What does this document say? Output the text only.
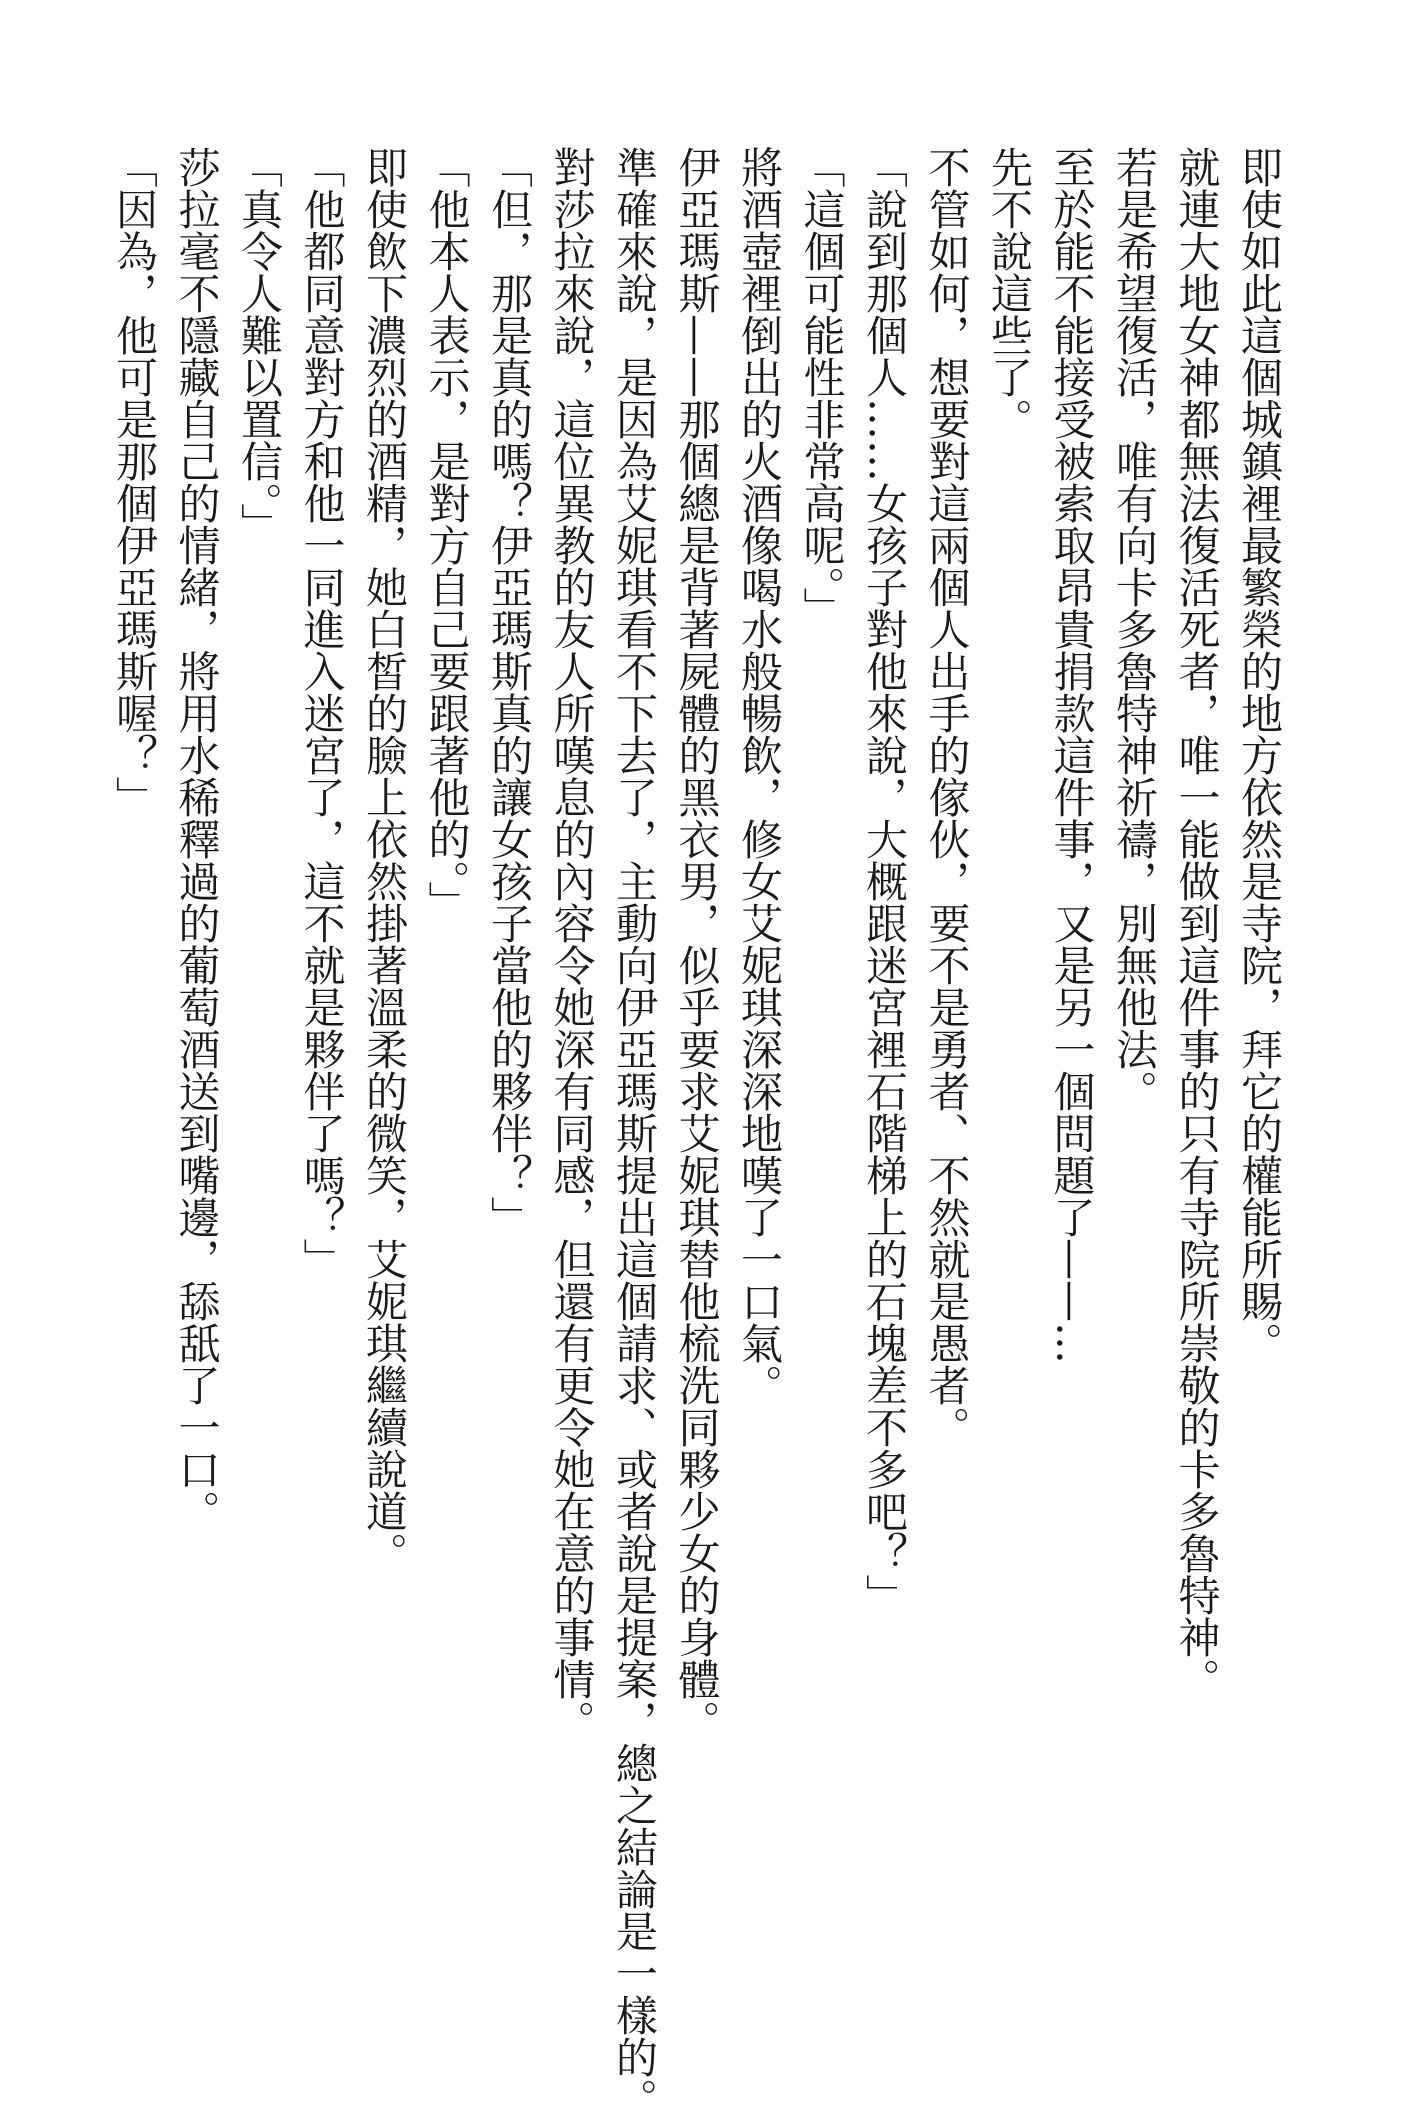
即使如此這個城鎮裡最繁榮的地方依然是寺院，拜它的權能所賜。

就連大地女神都無法復活死者，唯一能做到這件事的只有寺院所崇敬的卡多魯特神。

若是希望復活，唯有向卡多魯特神祈禱，別無他法。

至於能不能接受被索取昂貴捐款這件事，又是另一個問題了——…

先不說這些了。

不管如何，想要對這兩個人出手的傢伙，要不是勇者、不然就是愚者。

「說到那個人……女孩子對他來說，大概跟迷宮裡石階梯上的石塊差不多吧？」

「這個可能性非常高呢。」

將酒壺裡倒出的火酒像喝水般暢飲，修女艾妮琪深深地嘆了一口氣。

伊亞瑪斯——那個總是背著屍體的黑衣男，似乎要求艾妮琪替他梳洗同夥少女的身體。

準確來說，是因為艾妮琪看不下去了，主動向伊亞瑪斯提出這個請求、或者說是提案，總之結論是一樣的。

對莎拉來說，這位異教的友人所嘆息的內容令她深有同感，但還有更令她在意的事情。

「但，那是真的嗎？伊亞瑪斯真的讓女孩子當他的夥伴？」

「他本人表示，是對方自己要跟著他的。」

即使飲下濃烈的酒精，她白皙的臉上依然掛著溫柔的微笑，艾妮琪繼續說道。

「他都同意對方和他一同進入迷宮了，這不就是夥伴了嗎？」

「真令人難以置信。」

莎拉毫不隱藏自己的情緒，將用水稀釋過的葡萄酒送到嘴邊，舔舐了一口。

「因為，他可是那個伊亞瑪斯喔？」
